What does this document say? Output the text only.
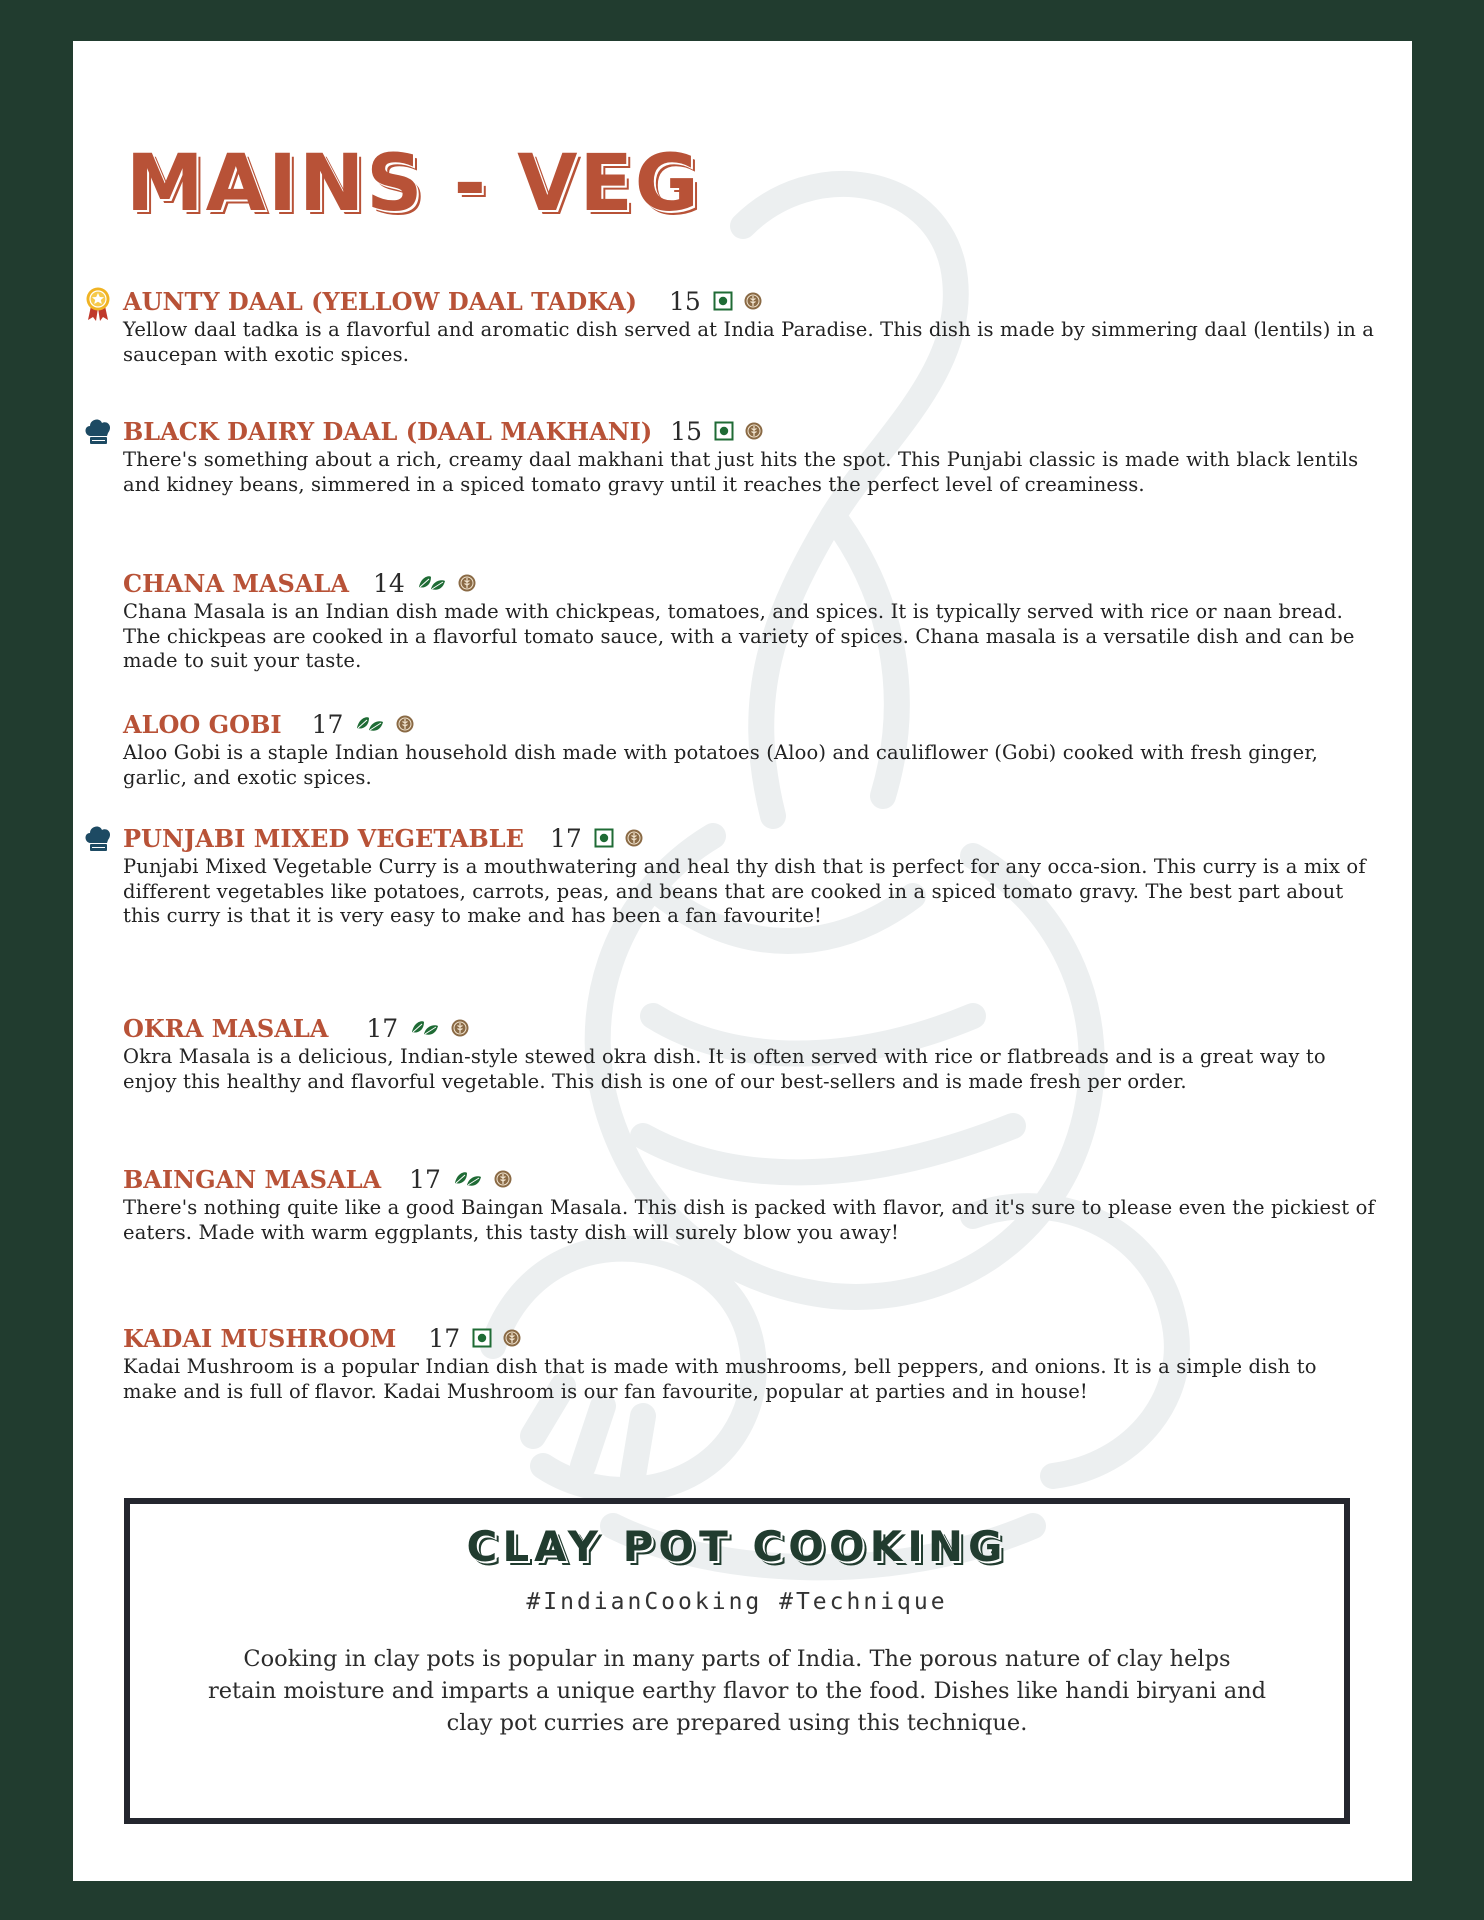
MAINS - VEG
AUNTY DAAL (YELLOW DAAL TADKA) 15

Yellow daal tadka is a flavorful and aromatic dish served at India Paradise. This dish is made by simmering daal (lentils) in a saucepan with exotic spices.

BLACK DAIRY DAAL (DAAL MAKHANI) 15

There's something about a rich, creamy daal makhani that just hits the spot. This Punjabi classic is made with black lentils and kidney beans, simmered in a spiced tomato gravy until it reaches the perfect level of creaminess.

CHANA MASALA 14

Chana Masala is an Indian dish made with chickpeas, tomatoes, and spices. It is typically served with rice or naan bread. The chickpeas are cooked in a flavorful tomato sauce, with a variety of spices. Chana masala is a versatile dish and can be made to suit your taste.

ALOO GOBI 17

Aloo Gobi is a staple Indian household dish made with potatoes (Aloo) and cauliflower (Gobi) cooked with fresh ginger, garlic, and exotic spices.

PUNJABI MIXED VEGETABLE 17

Punjabi Mixed Vegetable Curry is a mouthwatering and heal thy dish that is perfect for any occa-sion. This curry is a mix of different vegetables like potatoes, carrots, peas, and beans that are cooked in a spiced tomato gravy. The best part about this curry is that it is very easy to make and has been a fan favourite!

OKRA MASALA 17

Okra Masala is a delicious, Indian-style stewed okra dish. It is often served with rice or flatbreads and is a great way to enjoy this healthy and flavorful vegetable. This dish is one of our best-sellers and is made fresh per order.

BAINGAN MASALA 17

There's nothing quite like a good Baingan Masala. This dish is packed with flavor, and it's sure to please even the pickiest of eaters. Made with warm eggplants, this tasty dish will surely blow you away!

KADAI MUSHROOM 17

Kadai Mushroom is a popular Indian dish that is made with mushrooms, bell peppers, and onions. It is a simple dish to make and is full of flavor. Kadai Mushroom is our fan favourite, popular at parties and in house!

CLAY POT COOKING

#IndianCooking #Technique

Cooking in clay pots is popular in many parts of India. The porous nature of clay helps retain moisture and imparts a unique earthy flavor to the food. Dishes like handi biryani and clay pot curries are prepared using this technique.
